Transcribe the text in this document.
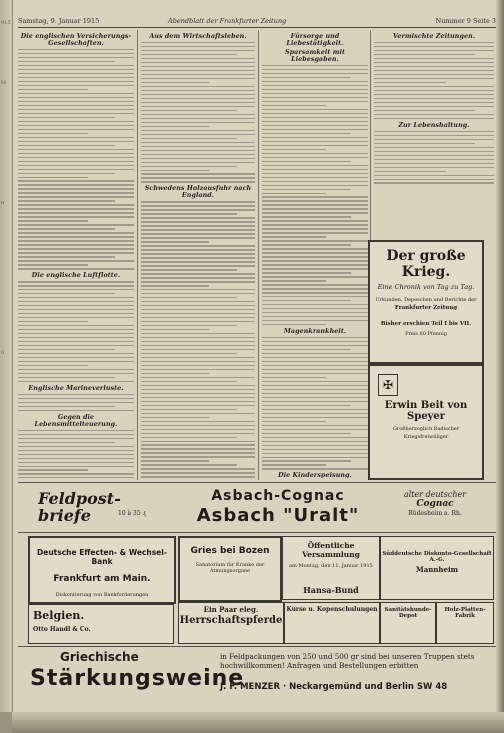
915
M
n
ü
Samstag, 9. Januar 1915	Abendblatt der Frankfurter Zeitung	Nummer 9 Seite 3
Die englischen Versicherungs-Gesellschaften.
Die englische Luftflotte.
Englische Marineverluste.
Gegen die Lebensmittelteuerung.
Aus dem Wirtschaftsleben.
Schwedens Holzausfuhr nach England.
Fürsorge und Liebestätigkeit.
Sparsamkeit mit Liebesgaben.
Magenkrankheit.
Die Kinderspeisung.
Vermischte Zeitungen.
Zur Lebenshaltung.
Der große Krieg.
Eine Chronik von Tag zu Tag.
Urkunden, Depeschen und Berichte der
Frankfurter Zeitung
Bisher erschien Teil I bis VII.
Preis 60 Pfennig
✠
Erwin Beit von Speyer
Großherzoglich Badischer
Kriegsfreiwilliger
Feldpost-briefe	10 à 35 ₰
Asbach-Cognac
Asbach "Uralt"
alter deutscher
Cognac
Rüdesheim a. Rh.
Deutsche Effecten- & Wechsel-Bank
Frankfurt am Main.
Diskontierung von Bankforderungen
Gries bei Bozen
Sanatorium für Kranke der Atmungsorgane
Öffentliche Versammlung
am Montag, den 11. Januar 1915
Hansa-Bund
Süddeutsche Diskonto-Gesellschaft A.-G.
Mannheim
Ein Paar eleg.
Herrschaftspferde
Kurse u. Kopenschulungen	Sanitätshunde-Depot
Holz-Platten-Fabrik
Belgien.
Otto Handl & Co.
Griechische
Stärkungsweine
in Feldpackungen von 250 und 500 gr sind bei unseren Truppen stets hochwillkommen! Anfragen und Bestellungen erbitten
J. F. MENZER · Neckargemünd und Berlin SW 48
